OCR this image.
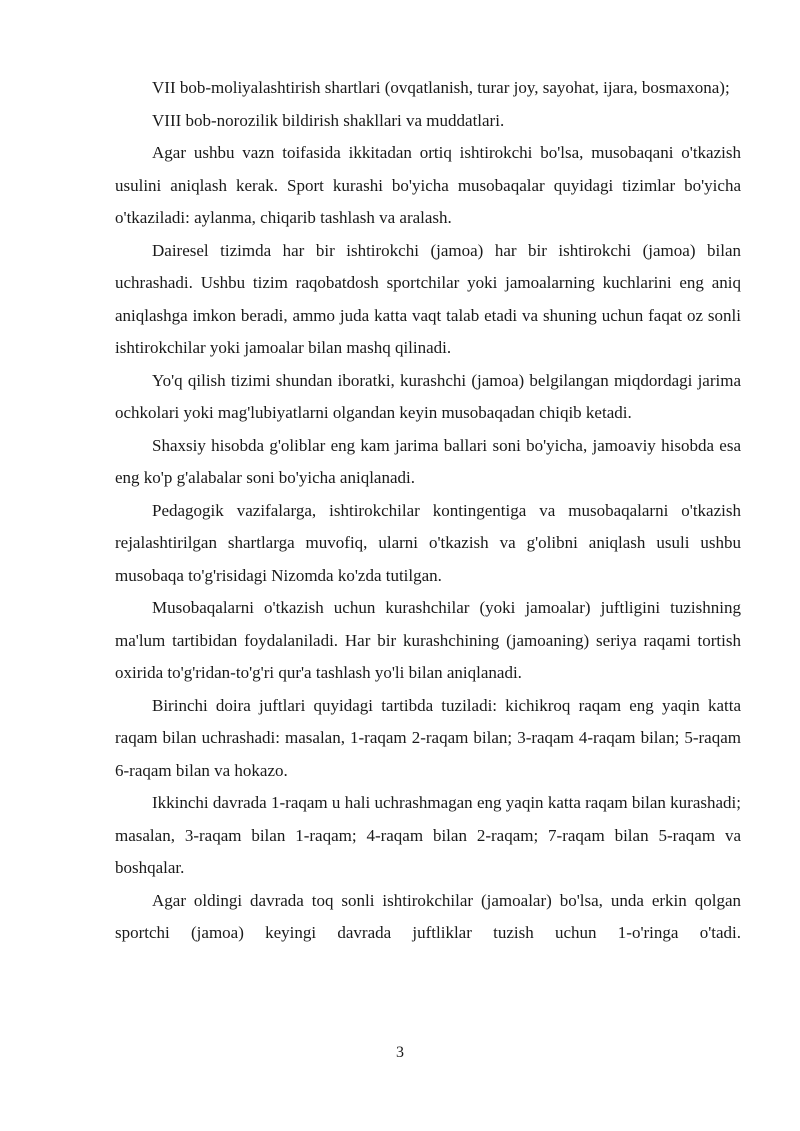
VII bob-moliyalashtirish shartlari (ovqatlanish, turar joy, sayohat, ijara, bosmaxona);

VIII bob-norozilik bildirish shakllari va muddatlari.

Agar ushbu vazn toifasida ikkitadan ortiq ishtirokchi bo'lsa, musobaqani o'tkazish usulini aniqlash kerak. Sport kurashi bo'yicha musobaqalar quyidagi tizimlar bo'yicha o'tkaziladi: aylanma, chiqarib tashlash va aralash.

Dairesel tizimda har bir ishtirokchi (jamoa) har bir ishtirokchi (jamoa) bilan uchrashadi. Ushbu tizim raqobatdosh sportchilar yoki jamoalarning kuchlarini eng aniq aniqlashga imkon beradi, ammo juda katta vaqt talab etadi va shuning uchun faqat oz sonli ishtirokchilar yoki jamoalar bilan mashq qilinadi.

Yo'q qilish tizimi shundan iboratki, kurashchi (jamoa) belgilangan miqdordagi jarima ochkolari yoki mag'lubiyatlarni olgandan keyin musobaqadan chiqib ketadi.

Shaxsiy hisobda g'oliblar eng kam jarima ballari soni bo'yicha, jamoaviy hisobda esa eng ko'p g'alabalar soni bo'yicha aniqlanadi.

Pedagogik vazifalarga, ishtirokchilar kontingentiga va musobaqalarni o'tkazish rejalashtirilgan shartlarga muvofiq, ularni o'tkazish va g'olibni aniqlash usuli ushbu musobaqa to'g'risidagi Nizomda ko'zda tutilgan.

Musobaqalarni o'tkazish uchun kurashchilar (yoki jamoalar) juftligini tuzishning ma'lum tartibidan foydalaniladi. Har bir kurashchining (jamoaning) seriya raqami tortish oxirida to'g'ridan-to'g'ri qur'a tashlash yo'li bilan aniqlanadi.

Birinchi doira juftlari quyidagi tartibda tuziladi: kichikroq raqam eng yaqin katta raqam bilan uchrashadi: masalan, 1-raqam 2-raqam bilan; 3-raqam 4-raqam bilan; 5-raqam 6-raqam bilan va hokazo.

Ikkinchi davrada 1-raqam u hali uchrashmagan eng yaqin katta raqam bilan kurashadi; masalan, 3-raqam bilan 1-raqam; 4-raqam bilan 2-raqam; 7-raqam bilan 5-raqam va boshqalar.

Agar oldingi davrada toq sonli ishtirokchilar (jamoalar) bo'lsa, unda erkin qolgan sportchi (jamoa) keyingi davrada juftliklar tuzish uchun 1-o'ringa o'tadi.

3
